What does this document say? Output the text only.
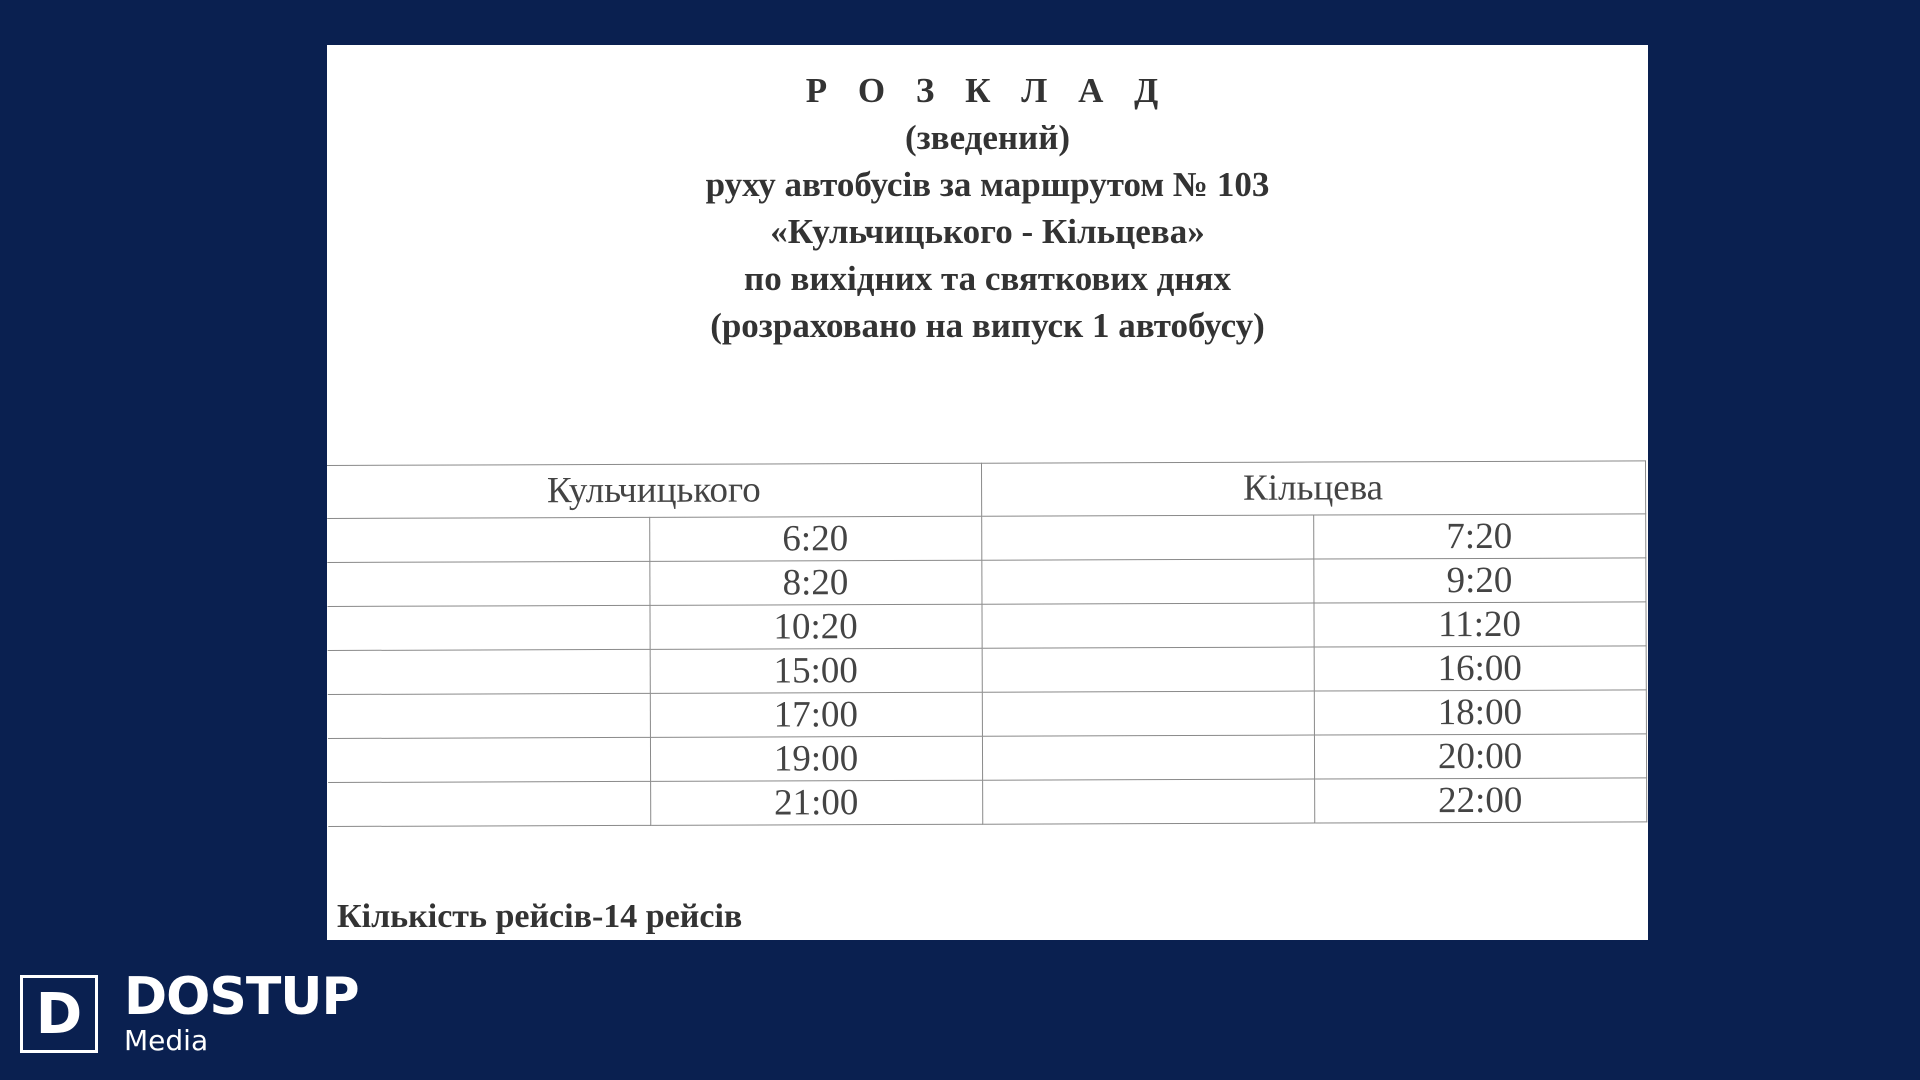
Р О З К Л А Д
(зведений)
руху автобусів за маршрутом № 103
«Кульчицького - Кільцева»
по вихідних та святкових днях
(розраховано на випуск 1 автобусу)
Кульчицького		Кільцева	
	6:20		7:20
	8:20		9:20
	10:20		11:20
	15:00		16:00
	17:00		18:00
	19:00		20:00
	21:00		22:00
Кількість рейсів-14 рейсів
D DOSTUP
Media
